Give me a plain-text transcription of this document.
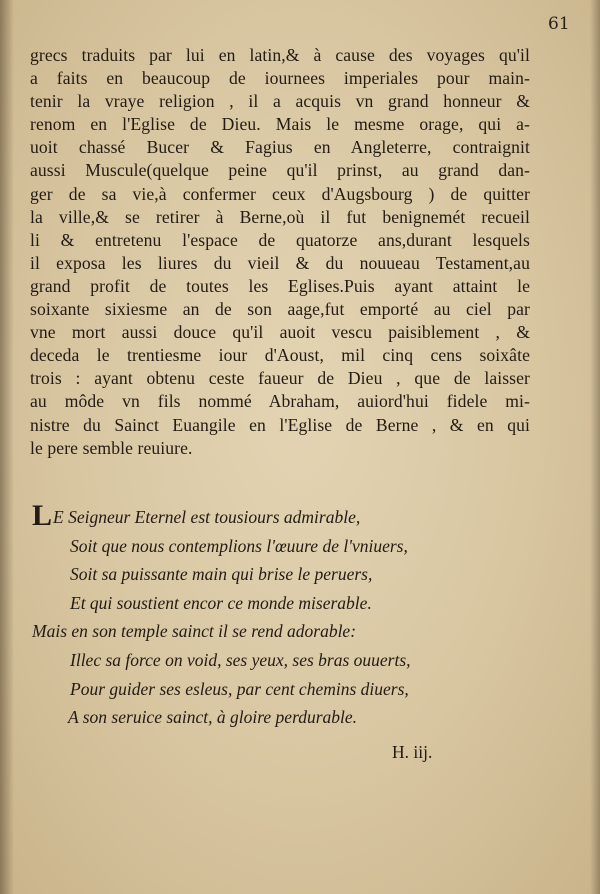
61
grecs traduits par lui en latin,& à cause des voyages qu'il
a faits en beaucoup de iournees imperiales pour main-
tenir la vraye religion , il a acquis vn grand honneur &
renom en l'Eglise de Dieu. Mais le mesme orage, qui a-
uoit chassé Bucer & Fagius en Angleterre, contraignit
aussi Muscule(quelque peine qu'il prinst, au grand dan-
ger de sa vie,à confermer ceux d'Augsbourg ) de quitter
la ville,& se retirer à Berne,où il fut benignemét recueil
li & entretenu l'espace de quatorze ans,durant lesquels
il exposa les liures du vieil & du nouueau Testament,au
grand profit de toutes les Eglises.Puis ayant attaint le
soixante sixiesme an de son aage,fut emporté au ciel par
vne mort aussi douce qu'il auoit vescu paisiblement , &
deceda le trentiesme iour d'Aoust, mil cinq cens soixâte
trois : ayant obtenu ceste faueur de Dieu , que de laisser
au môde vn fils nommé Abraham, auiord'hui fidele mi-
nistre du Sainct Euangile en l'Eglise de Berne , & en qui
le pere semble reuiure.
LE Seigneur Eternel est tousiours admirable,
Soit que nous contemplions l'œuure de l'vniuers,
Soit sa puissante main qui brise le peruers,
Et qui soustient encor ce monde miserable.
Mais en son temple sainct il se rend adorable:
Illec sa force on void, ses yeux, ses bras ouuerts,
Pour guider ses esleus, par cent chemins diuers,
A son seruice sainct, à gloire perdurable.
H. iij.
